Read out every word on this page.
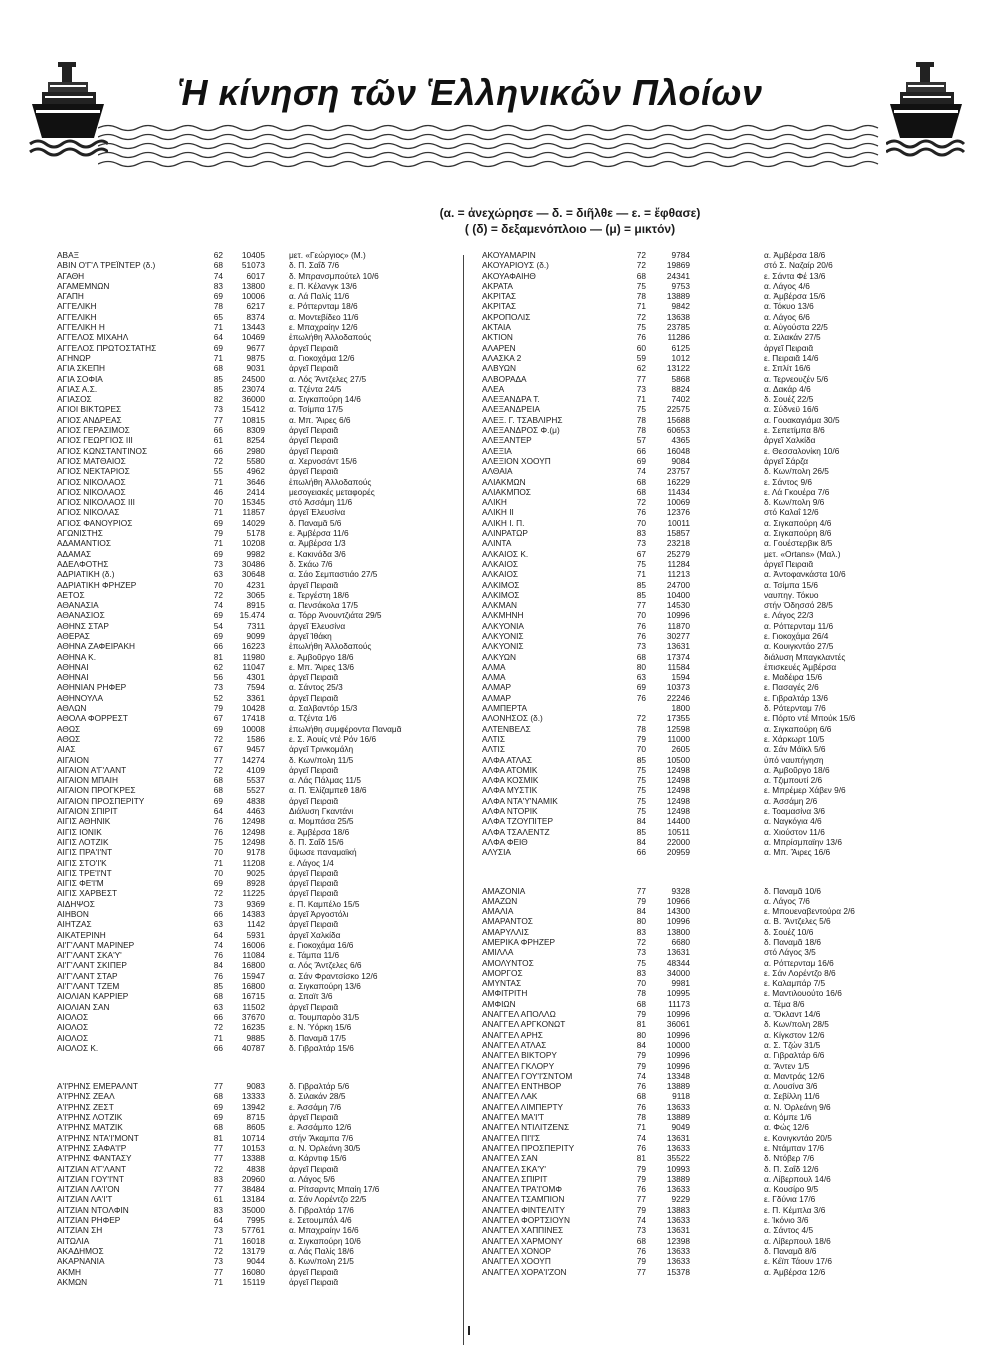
Ἡ κίνηση τῶν Ἑλληνικῶν Πλοίων
(α. = ἀνεχώρησε — δ. = διῆλθε — ε. = ἔφθασε)
( (δ) = δεξαμενόπλοιο — (μ) = μικτόν)
ΑΒΑΞ	62	10405	μετ. «Γεώργιος» (Μ.)
ΑΒΙΝ Ο'Γ'Λ ΤΡΕΪΝΤΕΡ (δ.)	68	51073	δ. Π. Σαΐδ 7/6
ΑΓΑΘΗ	74	6017	δ. Μπρανσμπούτελ 10/6
ΑΓΑΜΕΜΝΩΝ	83	13800	ε. Π. Κέλανγκ 13/6
ΑΓΑΠΗ	69	10006	α. Λά Παλίς 11/6
ΑΓΓΕΛΙΚΗ	78	6217	ε. Ρόττερνταμ 18/6
ΑΓΓΕΛΙΚΗ	65	8374	α. Μοντεβίδεο 11/6
ΑΓΓΕΛΙΚΗ Η	71	13443	ε. Μπαχραίην 12/6
ΑΓΓΕΛΟΣ ΜΙΧΑΗΛ	64	10469	ἐπωλήθη Ἀλλοδαπούς
ΑΓΓΕΛΟΣ ΠΡΩΤΟΣΤΑΤΗΣ	69	9677	ἀργεῖ Πειραιᾶ
ΑΓΗΝΩΡ	71	9875	α. Γιοκοχάμα 12/6
ΑΓΙΑ ΣΚΕΠΗ	68	9031	ἀργεῖ Πειραιᾶ
ΑΓΙΑ ΣΟΦΙΑ	85	24500	α. Λός Ἄντζελες 27/5
ΑΓΙΑΣ Α.Σ.	85	23074	α. Τζέντα 24/5
ΑΓΙΑΣΟΣ	82	36000	α. Σιγκαπούρη 14/6
ΑΓΙΟΙ ΒΙΚΤΩΡΕΣ	73	15412	α. Τσίμπα 17/5
ΑΓΙΟΣ ΑΝΔΡΕΑΣ	77	10815	α. Μπ. Ἄιρες 6/6
ΑΓΙΟΣ ΓΕΡΑΣΙΜΟΣ	66	8309	ἀργεῖ Πειραιᾶ
ΑΓΙΟΣ ΓΕΩΡΓΙΟΣ ΙΙΙ	61	8254	ἀργεῖ Πειραιᾶ
ΑΓΙΟΣ ΚΩΝΣΤΑΝΤΙΝΟΣ	66	2980	ἀργεῖ Πειραιᾶ
ΑΓΙΟΣ ΜΑΤΘΑΙΟΣ	72	5580	α. Χερνοσάντ 15/6
ΑΓΙΟΣ ΝΕΚΤΑΡΙΟΣ	55	4962	ἀργεῖ Πειραιᾶ
ΑΓΙΟΣ ΝΙΚΟΛΑΟΣ	71	3646	ἐπωλήθη Ἀλλοδαπούς
ΑΓΙΟΣ ΝΙΚΟΛΑΟΣ	46	2414	μεσογειακές μεταφορές
ΑΓΙΟΣ ΝΙΚΟΛΑΟΣ ΙΙΙ	70	15345	στό Ἀσσάμη 11/6
ΑΓΙΟΣ ΝΙΚΟΛΑΣ	71	11857	ἀργεῖ Ἐλευσίνα
ΑΓΙΟΣ ΦΑΝΟΥΡΙΟΣ	69	14029	δ. Παναμᾶ 5/6
ΑΓΩΝΙΣΤΗΣ	79	5178	ε. Ἀμβέρσα 11/6
ΑΔΑΜΑΝΤΙΟΣ	71	10208	α. Ἀμβέρσα 1/3
ΑΔΑΜΑΣ	69	9982	ε. Κακινάδα 3/6
ΑΔΕΛΦΟΤΗΣ	73	30486	δ. Σκάω 7/6
ΑΔΡΙΑΤΙΚΗ (δ.)	63	30648	α. Σάο Σεμπαστιάο 27/5
ΑΔΡΙΑΤΙΚΗ ΦΡΗΖΕΡ	70	4231	ἀργεῖ Πειραιᾶ
ΑΕΤΟΣ	72	3065	ε. Τεργέστη 18/6
ΑΘΑΝΑΣΙΑ	74	8915	α. Πενσάκολα 17/5
ΑΘΑΝΑΣΙΟΣ	69	15.474	α. Τόρρ Ἀνουντζιάτα 29/5
ΑΘΗΝΣ ΣΤΑΡ	54	7311	ἀργεῖ Ἐλευσίνα
ΑΘΕΡΑΣ	69	9099	ἀργεῖ Ἰθάκη
ΑΘΗΝΑ ΖΑΦΕΙΡΑΚΗ	66	16223	ἐπωλήθη Ἀλλοδαπούς
ΑΘΗΝΑ Κ.	81	11980	ε. Ἀμβοῦργο 18/6
ΑΘΗΝΑΙ	62	11047	ε. Μπ. Ἄιρες 13/6
ΑΘΗΝΑΙ	56	4301	ἀργεῖ Πειραιᾶ
ΑΘΗΝΙΑΝ ΡΗΦΕΡ	73	7594	α. Σάντος 25/3
ΑΘΗΝΟΥΛΑ	52	3361	ἀργεῖ Πειραιᾶ
ΑΘΛΩΝ	79	10428	α. Σαλβαντόρ 15/3
ΑΘΟΛΑ ΦΟΡΡΕΣΤ	67	17418	α. Τζέντα 1/6
ΑΘΩΣ	69	10008	ἐπωλήθη συμφέροντα Παναμᾶ
ΑΘΩΣ	72	1586	ε. Σ. Ἀουίς ντέ Ρόν 16/6
ΑΙΑΣ	67	9457	ἀργεῖ Τρινκομάλη
ΑΙΓΑΙΟΝ	77	14274	δ. Κων/πολη 11/5
ΑΙΓΑΙΟΝ Α'Γ'ΛΑΝΤ	72	4109	ἀργεῖ Πειραιᾶ
ΑΙΓΑΙΟΝ ΜΠΑΙΗ	68	5537	α. Λάς Πάλμας 11/5
ΑΙΓΑΙΟΝ ΠΡΟΓΚΡΕΣ	68	5527	α. Π. Ἐλίζαμπεθ 18/6
ΑΙΓΑΙΟΝ ΠΡΟΣΠΕΡΙΤΥ	69	4838	ἀργεῖ Πειραιᾶ
ΑΙΓΑΙΟΝ ΣΠΙΡΙΤ	64	4463	Διάλυση Γκαντάνι
ΑΙΓΙΣ ΑΘΗΝΙΚ	76	12498	α. Μομπάσα 25/5
ΑΙΓΙΣ ΙΟΝΙΚ	76	12498	ε. Ἀμβέρσα 18/6
ΑΙΓΙΣ ΛΟΤΖΙΚ	75	12498	δ. Π. Σαΐδ 15/6
ΑΙΓΙΣ ΠΡΑ'Ι'ΝΤ	70	9178	ὕψωσε παναμαϊκή
ΑΙΓΙΣ ΣΤΟ'Ι'Κ	71	11208	ε. Λάγος 1/4
ΑΙΓΙΣ ΤΡΕ'Ι'ΝΤ	70	9025	ἀργεῖ Πειραιᾶ
ΑΙΓΙΣ ΦΕ'Ι'Μ	69	8928	ἀργεῖ Πειραιᾶ
ΑΙΓΙΣ ΧΑΡΒΕΣΤ	72	11225	ἀργεῖ Πειραιᾶ
ΑΙΔΗΨΟΣ	73	9369	ε. Π. Καμπέλο 15/5
ΑΙΗΒΟΝ	66	14383	ἀργεῖ Ἀργοστόλι
ΑΙΗΤΖΑΣ	63	1142	ἀργεῖ Πειραιᾶ
ΑΙΚΑΤΕΡΙΝΗ	64	5931	ἀργεῖ Χαλκίδα
ΑΙ'Γ'ΛΑΝΤ ΜΑΡΙΝΕΡ	74	16006	ε. Γιοκοχάμα 16/6
ΑΙ'Γ'ΛΑΝΤ ΣΚΑ'Υ'	76	11084	ε. Τάμπα 11/6
ΑΙ'Γ'ΛΑΝΤ ΣΚΙΠΕΡ	84	16800	α. Λός Ἄντζελες 6/6
ΑΙ'Γ'ΛΑΝΤ ΣΤΑΡ	76	15947	α. Σάν Φραντσίσκο 12/6
ΑΙ'Γ'ΛΑΝΤ ΤΖΕΜ	85	16800	α. Σιγκαπούρη 13/6
ΑΙΟΛΙΑΝ ΚΑΡΡΙΕΡ	68	16715	α. Σπαϊτ 3/6
ΑΙΟΛΙΑΝ ΣΑΝ	63	11502	ἀργεῖ Πειραιᾶ
ΑΙΟΛΟΣ	66	37670	α. Τουμπαρὸο 31/5
ΑΙΟΛΟΣ	72	16235	ε. Ν. Ὑόρκη 15/6
ΑΙΟΛΟΣ	71	9885	δ. Παναμᾶ 17/5
ΑΙΟΛΟΣ Κ.	66	40787	δ. Γιβραλτάρ 15/6
Α'Ι'ΡΗΝΣ ΕΜΕΡΑΛΝΤ	77	9083	δ. Γιβραλτάρ 5/6
Α'Ι'ΡΗΝΣ ΖΕΑΛ	68	13333	δ. Σιλακάν 28/5
Α'Ι'ΡΗΝΣ ΖΕΣΤ	69	13942	ε. Ἀσσάμη 7/6
Α'Ι'ΡΗΝΣ ΛΟΤΖΙΚ	69	8715	ἀργεῖ Πειραιᾶ
Α'Ι'ΡΗΝΣ ΜΑΤΖΙΚ	68	8605	ε. Ἀσσάμπο 12/6
Α'Ι'ΡΗΝΣ ΝΤΑ'Ι'ΜΟΝΤ	81	10714	στήν Ἄκαμπα 7/6
Α'Ι'ΡΗΝΣ ΣΑΦΑ'Ι'Ρ	77	10153	α. Ν. Ὀρλεάνη 30/5
Α'Ι'ΡΗΝΣ ΦΑΝΤΑΣΥ	77	13388	α. Κάρντιφ 15/6
ΑΙΤΖΙΑΝ Α'Γ'ΛΑΝΤ	72	4838	ἀργεῖ Πειραιᾶ
ΑΙΤΖΙΑΝ ΓΟΥ'Ι'ΝΤ	83	20960	α. Λάγος 5/6
ΑΙΤΖΙΑΝ ΛΑ'Ι'ΟΝ	77	38484	α. Ρίτσαρντς Μπαίη 17/6
ΑΙΤΖΙΑΝ ΛΑ'Ι'Τ	61	13184	α. Σάν Λορέντζο 22/5
ΑΙΤΖΙΑΝ ΝΤΟΛΦΙΝ	83	35000	δ. Γιβραλτάρ 17/6
ΑΙΤΖΙΑΝ ΡΗΦΕΡ	64	7995	ε. Σετουμπάλ 4/6
ΑΙΤΖΙΑΝ ΣΗ	73	57761	α. Μπαχραίην 16/6
ΑΙΤΩΛΙΑ	71	16018	α. Σιγκαπούρη 10/6
ΑΚΑΔΗΜΟΣ	72	13179	α. Λάς Παλίς 18/6
ΑΚΑΡΝΑΝΙΑ	73	9044	δ. Κων/πολη 21/5
ΑΚΜΗ	77	16080	ἀργεῖ Πειραιᾶ
ΑΚΜΩΝ	71	15119	ἀργεῖ Πειραιᾶ
ΑΚΟΥΑΜΑΡΙΝ	72	9784	α. Ἀμβέρσα 18/6
ΑΚΟΥΑΡΙΟΥΣ (δ.)	72	19869	στό Σ. Ναζαίρ 20/6
ΑΚΟΥΑΦΑΙΗΘ	68	24341	ε. Σάντα Φέ 13/6
ΑΚΡΑΤΑ	75	9753	α. Λάγος 4/6
ΑΚΡΙΤΑΣ	78	13889	α. Ἀμβέρσα 15/6
ΑΚΡΙΤΑΣ	71	9842	α. Τόκυο 13/6
ΑΚΡΟΠΟΛΙΣ	72	13638	α. Λάγος 6/6
ΑΚΤΑΙΑ	75	23785	α. Αὐγούστα 22/5
ΑΚΤΙΟΝ	76	11286	α. Σιλακάν 27/5
ΑΛΑΡΕΝ	60	6125	ἀργεῖ Πειραιᾶ
ΑΛΑΣΚΑ 2	59	1012	ε. Πειραιᾶ 14/6
ΑΛΒΥΩΝ	62	13122	ε. Σπλίτ 16/6
ΑΛΒΟΡΑΔΑ	77	5868	α. Τερνεουζέν 5/6
ΑΛΕΑ	73	8824	α. Δακάρ 4/6
ΑΛΕΞΑΝΔΡΑ Τ.	71	7402	δ. Σουέζ 22/5
ΑΛΕΞΑΝΔΡΕΙΑ	75	22575	α. Σύδνεϋ 16/6
ΑΛΕΞ. Γ. ΤΣΑΒΛΙΡΗΣ	78	15688	α. Γουακαγιάμα 30/5
ΑΛΕΞΑΝΔΡΟΣ Φ.(μ)	78	60653	ε. Σεπετίμπα 8/6
ΑΛΕΞΑΝΤΕΡ	57	4365	ἀργεῖ Χαλκίδα
ΑΛΕΞΙΑ	66	16048	ε. Θεσσαλονίκη 10/6
ΑΛΕΞΙΟΝ ΧΟΟΥΠ	69	9084	ἀργεῖ Σάρζα
ΑΛΘΑΙΑ	74	23757	δ. Κων/πολη 26/5
ΑΛΙΑΚΜΩΝ	68	16229	ε. Σάντος 9/6
ΑΛΙΑΚΜΠΟΣ	68	11434	ε. Λά Γκουέρα 7/6
ΑΛΙΚΗ	72	10069	δ. Κων/πολη 9/6
ΑΛΙΚΗ ΙΙ	76	12376	στό Καλαΐ 12/6
ΑΛΙΚΗ Ι. Π.	70	10011	α. Σιγκαπούρη 4/6
ΑΛΙΝΡΑΤΩΡ	83	15857	α. Σιγκαπούρη 8/6
ΑΛΙΝΤΑ	73	23218	α. Γουέστερβικ 8/5
ΑΛΚΑΙΟΣ Κ.	67	25279	μετ. «Ortans» (Μαλ.)
ΑΛΚΑΙΟΣ	75	11284	ἀργεῖ Πειραιᾶ
ΑΛΚΑΙΟΣ	71	11213	α. Ἀντοφανκάστα 10/6
ΑΛΚΙΜΟΣ	85	24700	α. Τσίμπα 15/6
ΑΛΚΙΜΟΣ	85	10400	ναυπηγ. Τόκυο
ΑΛΚΜΑΝ	77	14530	στήν Ὀδησσό 28/5
ΑΛΚΜΗΝΗ	70	10996	ε. Λάγος 22/3
ΑΛΚΥΟΝΙΑ	76	11870	α. Ρόττερνταμ 11/6
ΑΛΚΥΟΝΙΣ	76	30277	ε. Γιοκοχάμα 26/4
ΑΛΚΥΟΝΙΣ	73	13631	α. Κουιγκντάο 27/5
ΑΛΚΥΩΝ	68	17374	διάλυση Μπαγκλαντές
ΑΛΜΑ	80	11584	ἐπισκευές Ἀμβέρσα
ΑΛΜΑ	63	1594	ε. Μαδέιρα 15/6
ΑΛΜΑΡ	69	10373	ε. Πασαγές 2/6
ΑΛΜΑΡ	76	22246	ε. Γιβραλτάρ 13/6
ΑΛΜΠΕΡΤΑ	1800	δ. Ρότερνταμ 7/6
ΑΛΟΝΗΣΟΣ (δ.)	72	17355	ε. Πόρτο ντέ Μπούκ 15/6
ΑΛΤΕΝΒΕΛΣ	78	12598	α. Σιγκαπούρη 6/6
ΑΛΤΙΣ	79	11000	ε. Χάρκωρτ 10/5
ΑΛΤΙΣ	70	2605	α. Σάν Μάϊκλ 5/6
ΑΛΦΑ ΑΤΛΑΣ	85	10500	ὑπό ναυπήγηση
ΑΛΦΑ ΑΤΟΜΙΚ	75	12498	α. Ἀμβοῦργο 18/6
ΑΛΦΑ ΚΟΣΜΙΚ	75	12498	α. Τζιμπουτί 2/6
ΑΛΦΑ ΜΥΣΤΙΚ	75	12498	ε. Μπρέμερ Χάβεν 9/6
ΑΛΦΑ ΝΤΑ'Υ'ΝΑΜΙΚ	75	12498	α. Ἀσσάμη 2/6
ΑΛΦΑ ΝΤΟΡΙΚ	75	12498	ε. Τοαμασίνα 3/6
ΑΛΦΑ ΤΖΟΥΠΙΤΕΡ	84	14400	α. Ναγκόγια 4/6
ΑΛΦΑ ΤΣΑΛΕΝΤΖ	85	10511	α. Χιούστον 11/6
ΑΛΦΑ ΦΕΙΘ	84	22000	α. Μπρίσμπαϊην 13/6
ΑΛΥΣΙΑ	66	20959	α. Μπ. Ἄιρες 16/6
ΑΜΑΖΟΝΙΑ	77	9328	δ. Παναμᾶ 10/6
ΑΜΑΖΩΝ	79	10966	α. Λάγος 7/6
ΑΜΑΛΙΑ	84	14300	ε. Μπουεναβεντούρα 2/6
ΑΜΑΡΑΝΤΟΣ	80	10996	α. Β. Ἄντζελες 5/6
ΑΜΑΡΥΛΛΙΣ	83	13800	δ. Σουέζ 10/6
ΑΜΕΡΙΚΑ ΦΡΗΖΕΡ	72	6680	δ. Παναμᾶ 18/6
ΑΜΙΛΛΑ	73	13631	στό Λάγος 3/5
ΑΜΟΛΥΝΤΟΣ	75	48344	α. Ρόττερνταμ 16/6
ΑΜΟΡΓΟΣ	83	34000	ε. Σάν Λορέντζο 8/6
ΑΜΥΝΤΑΣ	70	9981	ε. Καλαμπάρ 7/5
ΑΜΦΙΤΡΙΤΗ	78	10995	ε. Μαντιλουούτο 16/6
ΑΜΦΙΩΝ	68	11173	α. Τέμα 8/6
ΑΝΑΓΓΕΛ ΑΠΟΛΛΩ	79	10996	α. Ὄκλαντ 14/6
ΑΝΑΓΓΕΛ ΑΡΓΚΟΝΩΤ	81	36061	δ. Κων/πολη 28/5
ΑΝΑΓΓΕΛ ΑΡΗΣ	80	10996	α. Κίγκστον 12/6
ΑΝΑΓΓΕΛ ΑΤΛΑΣ	84	10000	α. Σ. Τζών 31/5
ΑΝΑΓΓΕΛ ΒΙΚΤΟΡΥ	79	10996	α. Γιβραλτάρ 6/6
ΑΝΑΓΓΕΛ ΓΚΛΟΡΥ	79	10996	α. Ἄντεν 1/5
ΑΝΑΓΓΕΛ ΓΟΥ'Ι'ΣΝΤΟΜ	74	13348	α. Μαντράς 12/6
ΑΝΑΓΓΕΛ ΕΝΤΗΒΟΡ	76	13889	α. Λουσίνα 3/6
ΑΝΑΓΓΕΛ ΛΑΚ	68	9118	α. Σεβίλλη 11/6
ΑΝΑΓΓΕΛ ΛΙΜΠΕΡΤΥ	76	13633	α. Ν. Ὀρλεάνη 9/6
ΑΝΑΓΓΕΛ ΜΑ'Ι'Τ	78	13889	α. Κόμπε 1/6
ΑΝΑΓΓΕΛ ΝΤΙΛΙΤΖΕΝΣ	71	9049	α. Φώς 12/6
ΑΝΑΓΓΕΛ ΠΙ'Ι'Σ	74	13631	ε. Κονιγκντάο 20/5
ΑΝΑΓΓΕΛ ΠΡΟΣΠΕΡΙΤΥ	76	13633	ε. Ντάμπαν 17/6
ΑΝΑΓΓΕΛ ΣΑΝ	81	35522	δ. Ντόβερ 7/6
ΑΝΑΓΓΕΛ ΣΚΑ'Υ'	79	10993	δ. Π. Σαΐδ 12/6
ΑΝΑΓΓΕΛ ΣΠΙΡΙΤ	79	13889	α. Λίβερπουλ 14/6
ΑΝΑΓΓΕΛ ΤΡΑ'Ι'ΟΜΦ	76	13633	α. Κουσίρο 9/5
ΑΝΑΓΓΕΛ ΤΣΑΜΠΙΟΝ	77	9229	ε. Γδύνια 17/6
ΑΝΑΓΓΕΛ ΦΙΝΤΕΛΙΤΥ	79	13883	ε. Π. Κέμπλα 3/6
ΑΝΑΓΓΕΛ ΦΟΡΤΣΙΟΥΝ	74	13633	ε. Ἰκόνιο 3/6
ΑΝΑΓΓΕΛ ΧΑΠΠΙΝΕΣ	73	13631	α. Σάντος 4/5
ΑΝΑΓΓΕΛ ΧΑΡΜΟΝΥ	68	12398	α. Λίβερπουλ 18/6
ΑΝΑΓΓΕΛ ΧΟΝΟΡ	76	13633	δ. Παναμᾶ 8/6
ΑΝΑΓΓΕΛ ΧΟΟΥΠ	79	13633	ε. Κέϊπ Τάουν 17/6
ΑΝΑΓΓΕΛ ΧΟΡΑ'Ι'ΖΟΝ	77	15378	α. Ἀμβέρσα 12/6
